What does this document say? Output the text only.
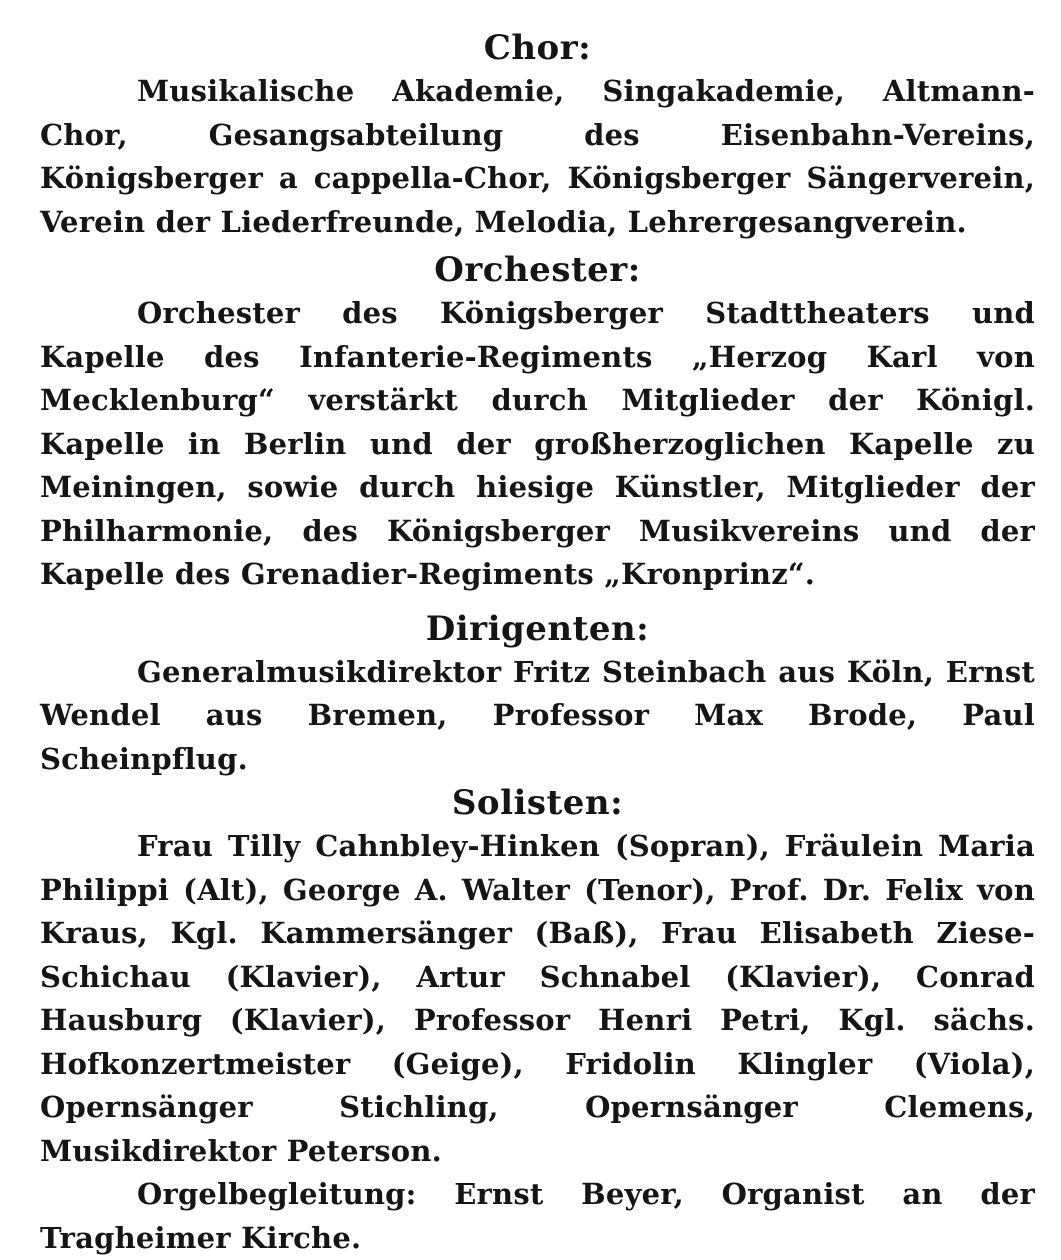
Chor:

Musikalische Akademie, Singakademie, Altmann-Chor, Gesangsabteilung des Eisenbahn-Vereins, Königsberger a cappella-Chor, Königsberger Sängerverein, Verein der Liederfreunde, Melodia, Lehrergesangverein.

Orchester:

Orchester des Königsberger Stadttheaters und Kapelle des Infanterie-Regiments „Herzog Karl von Mecklenburg“ verstärkt durch Mitglieder der Königl. Kapelle in Berlin und der großherzoglichen Kapelle zu Meiningen, sowie durch hiesige Künstler, Mitglieder der Philharmonie, des Königsberger Musikvereins und der Kapelle des Grenadier-Regiments „Kronprinz“.

Dirigenten:

Generalmusikdirektor Fritz Steinbach aus Köln, Ernst Wendel aus Bremen, Professor Max Brode, Paul Scheinpflug.

Solisten:

Frau Tilly Cahnbley-Hinken (Sopran), Fräulein Maria Philippi (Alt), George A. Walter (Tenor), Prof. Dr. Felix von Kraus, Kgl. Kammersänger (Baß), Frau Elisabeth Ziese-Schichau (Klavier), Artur Schnabel (Klavier), Conrad Hausburg (Klavier), Professor Henri Petri, Kgl. sächs. Hofkonzertmeister (Geige), Fridolin Klingler (Viola), Opernsänger Stichling, Opernsänger Clemens, Musikdirektor Peterson.

Orgelbegleitung: Ernst Beyer, Organist an der Tragheimer Kirche.
